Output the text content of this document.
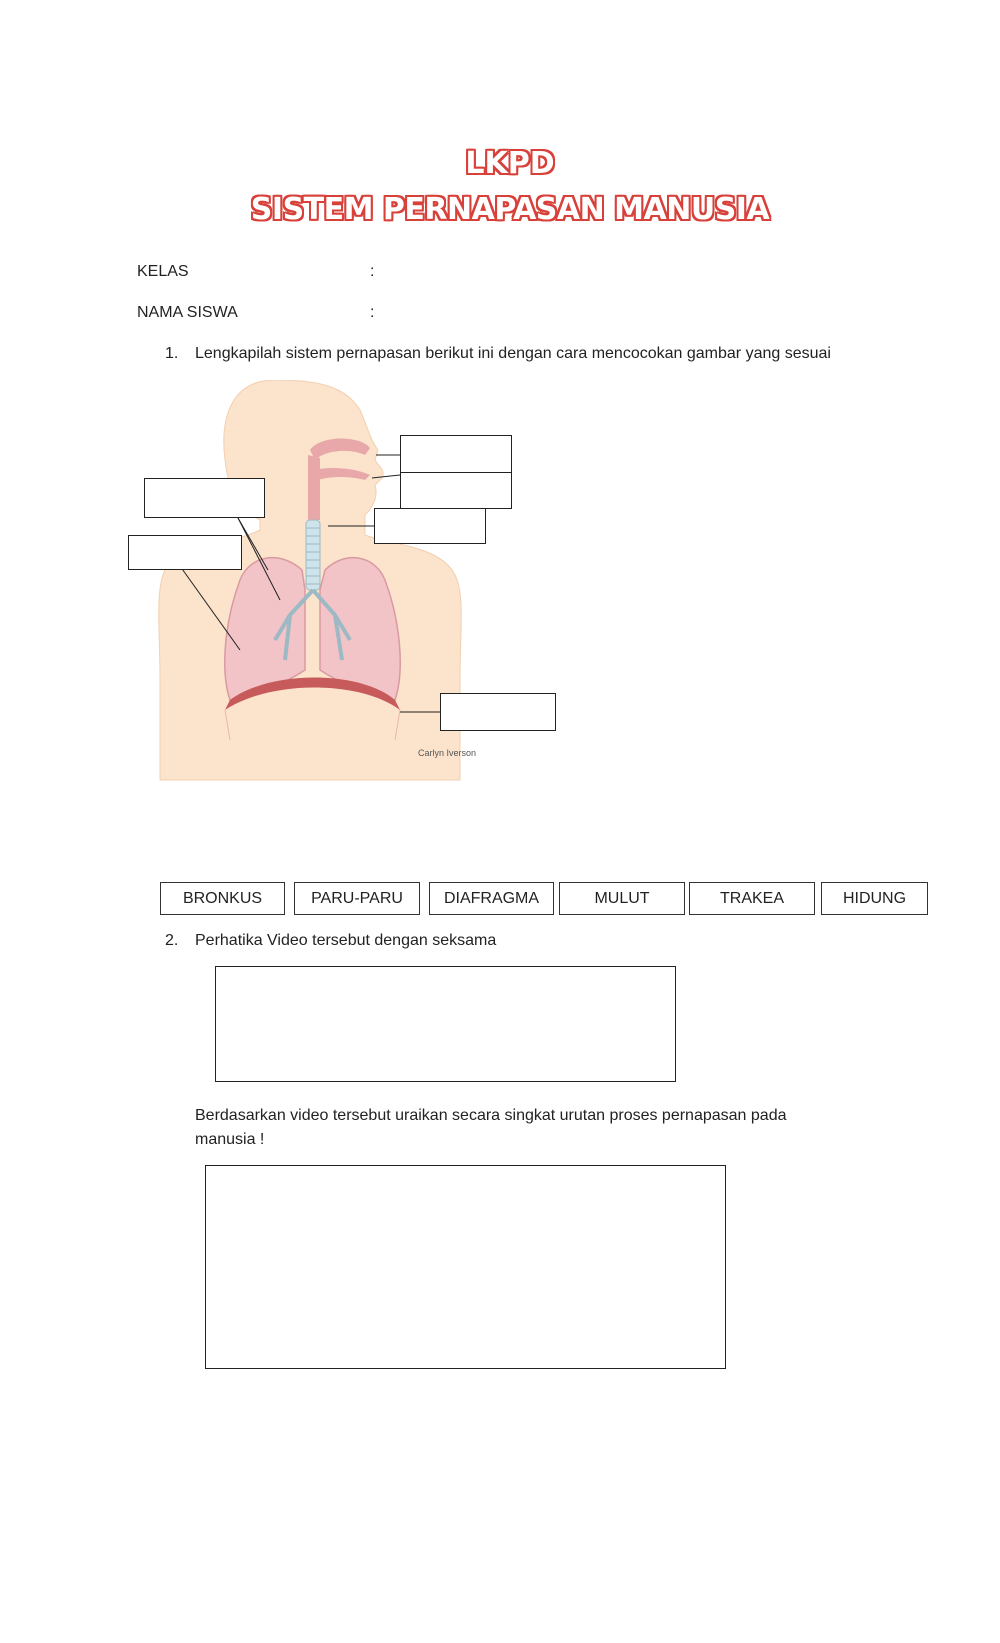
LKPD
SISTEM PERNAPASAN MANUSIA
KELAS	:
NAMA SISWA	:
1. Lengkapilah sistem pernapasan berikut ini dengan cara mencocokan gambar yang sesuai
Carlyn Iverson
BRONKUS	PARU-PARU	DIAFRAGMA	MULUT	TRAKEA	HIDUNG
2. Perhatika Video tersebut dengan seksama
Berdasarkan video tersebut uraikan secara singkat urutan proses pernapasan pada
manusia !
